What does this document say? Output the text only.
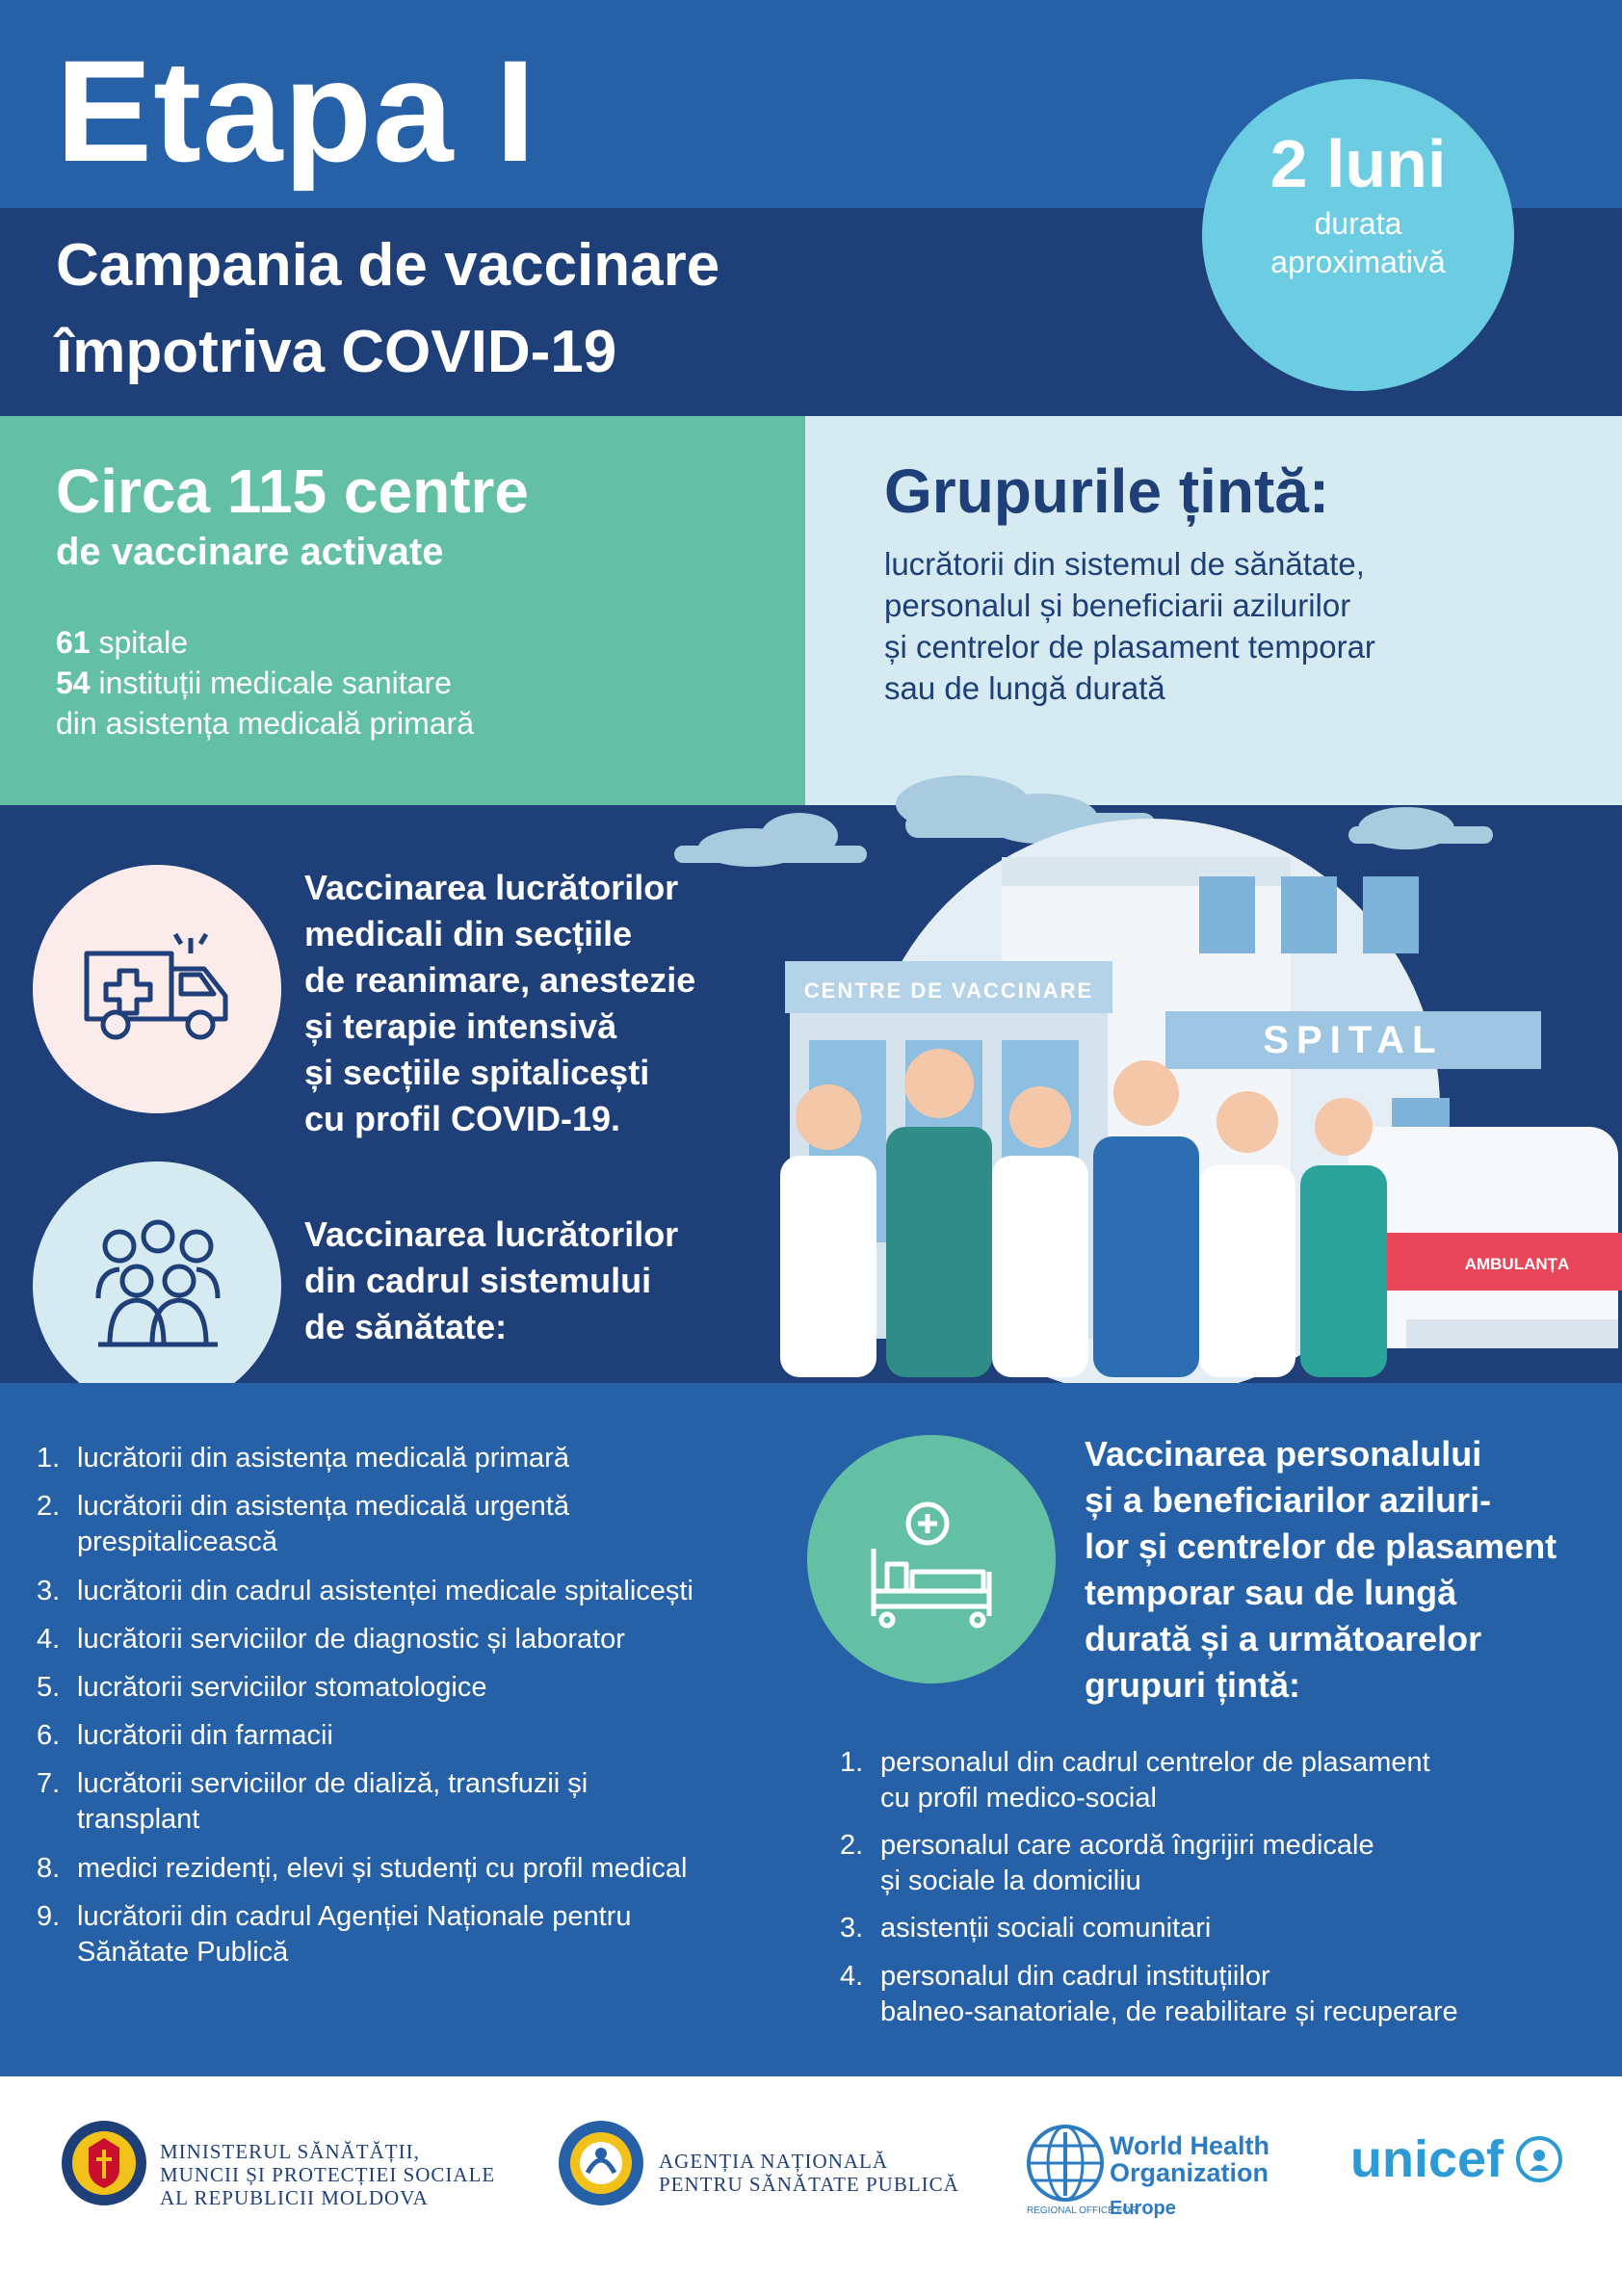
Etapa I
Campania de vaccinare
împotriva COVID-19
2 luni
durata
aproximativă
Circa 115 centre
de vaccinare activate
61 spitale
54 instituții medicale sanitare
din asistența medicală primară
Grupurile țintă:
lucrătorii din sistemul de sănătate,
personalul și beneficiarii azilurilor
și centrelor de plasament temporar
sau de lungă durată
SPITAL
CENTRE DE VACCINARE
AMBULANȚA
Vaccinarea lucrătorilor
medicali din secțiile
de reanimare, anestezie
și terapie intensivă
și secțiile spitalicești
cu profil COVID-19.
Vaccinarea lucrătorilor
din cadrul sistemului
de sănătate:
1. lucrătorii din asistența medicală primară
2. lucrătorii din asistența medicală urgentă
prespitalicească
3. lucrătorii din cadrul asistenței medicale spitalicești
4. lucrătorii serviciilor de diagnostic și laborator
5. lucrătorii serviciilor stomatologice
6. lucrătorii din farmacii
7. lucrătorii serviciilor de dializă, transfuzii și
transplant
8. medici rezidenți, elevi și studenți cu profil medical
9. lucrătorii din cadrul Agenției Naționale pentru
Sănătate Publică
Vaccinarea personalului
și a beneficiarilor aziluri-
lor și centrelor de plasament
temporar sau de lungă
durată și a următoarelor
grupuri țintă:
1. personalul din cadrul centrelor de plasament
cu profil medico-social
2. personalul care acordă îngrijiri medicale
și sociale la domiciliu
3. asistenții sociali comunitari
4. personalul din cadrul instituțiilor
balneo-sanatoriale, de reabilitare și recuperare
MINISTERUL SĂNĂTĂȚII,
MUNCII ȘI PROTECȚIEI SOCIALE
AL REPUBLICII MOLDOVA
AGENȚIA NAȚIONALĂ
PENTRU SĂNĂTATE PUBLICĂ
World Health
Organization
REGIONAL OFFICE FOR
Europe
unicef
